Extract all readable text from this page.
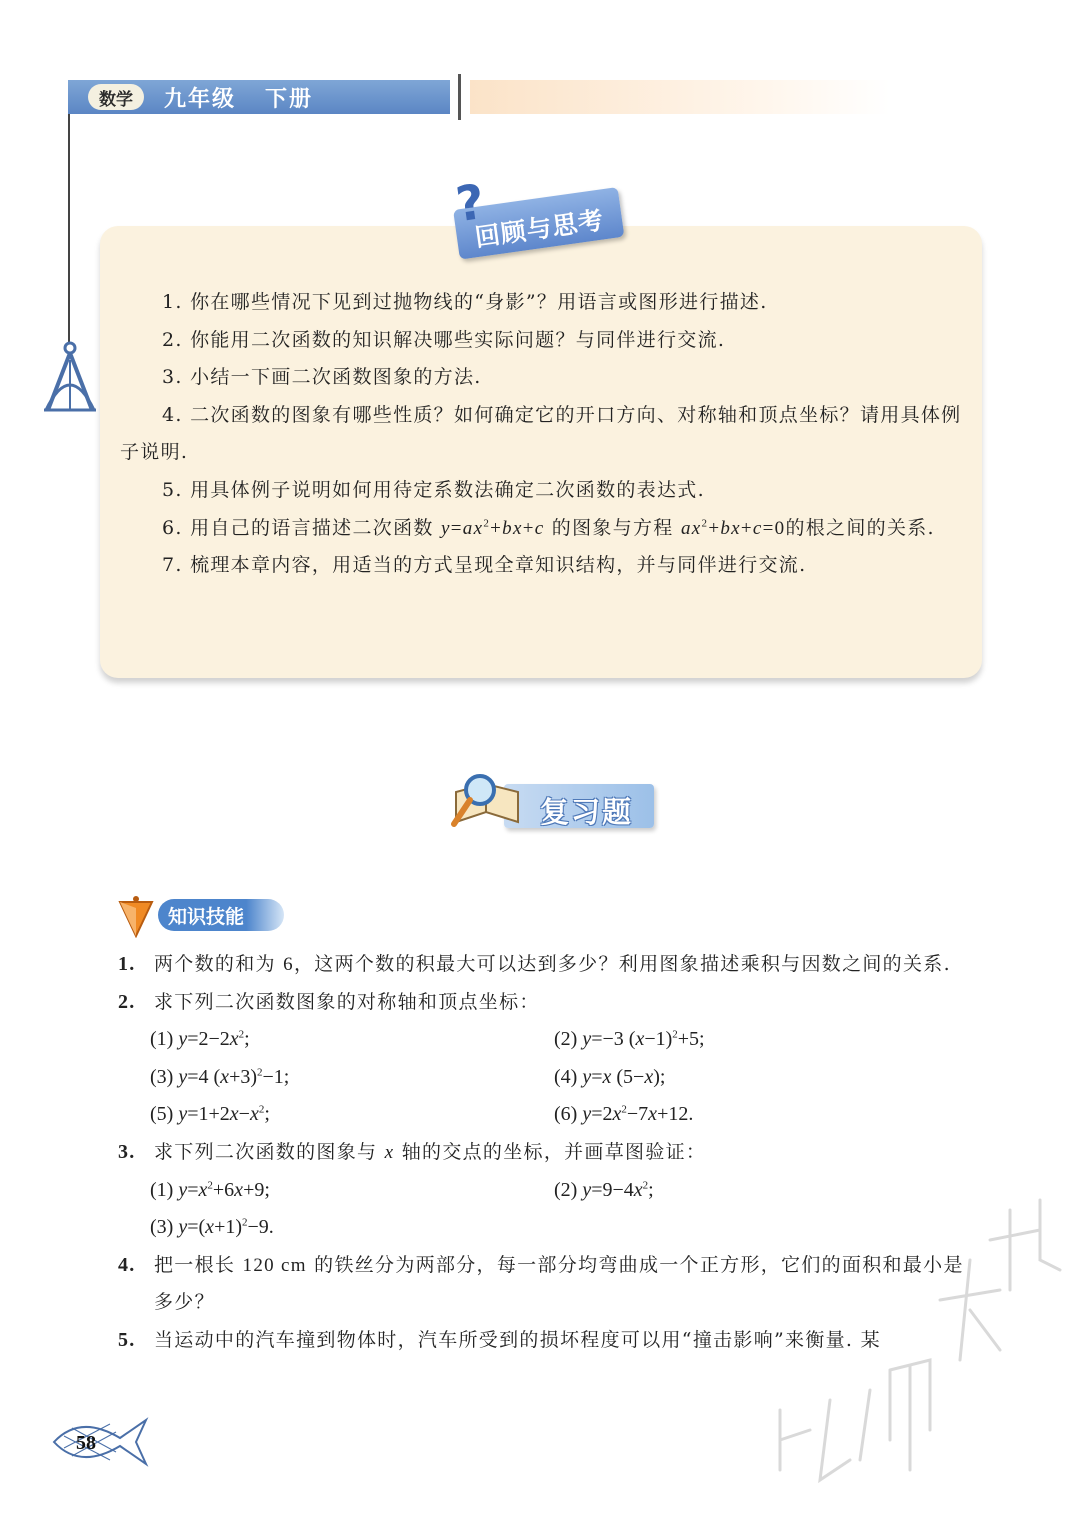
数学	九年级 下册
?
回顾与思考

1. 你在哪些情况下见到过抛物线的“身影”？用语言或图形进行描述.

2. 你能用二次函数的知识解决哪些实际问题？与同伴进行交流.

3. 小结一下画二次函数图象的方法.

4. 二次函数的图象有哪些性质？如何确定它的开口方向、对称轴和顶点坐标？请用具体例子说明.

5. 用具体例子说明如何用待定系数法确定二次函数的表达式.

6. 用自己的语言描述二次函数 $y=ax^2+bx+c$ 的图象与方程 $ax^2+bx+c=0$的根之间的关系.

7. 梳理本章内容，用适当的方式呈现全章知识结构，并与同伴进行交流.

复习题
知识技能
1. 两个数的和为 6，这两个数的积最大可以达到多少？利用图象描述乘积与因数之间的关系.
2. 求下列二次函数图象的对称轴和顶点坐标：
(1) $y=2-2x^2$;	(2) y=−3 $(x-1)^2+5$;
(3) y=4 $(x+3)^2-1$;	(4) y=x (5−x);
(5) $y=1+2x-x^2$;	(6) $y=2x^2-7x+12$.
3. 求下列二次函数的图象与 x 轴的交点的坐标，并画草图验证：
(1) $y=x^2+6x+9$;	(2) $y=9-4x^2$;
(3) $y=(x+1)^2-9$.
4. 把一根长 120 cm 的铁丝分为两部分，每一部分均弯曲成一个正方形，它们的面积和最小是多少？
5. 当运动中的汽车撞到物体时，汽车所受到的损坏程度可以用“撞击影响”来衡量. 某
58
